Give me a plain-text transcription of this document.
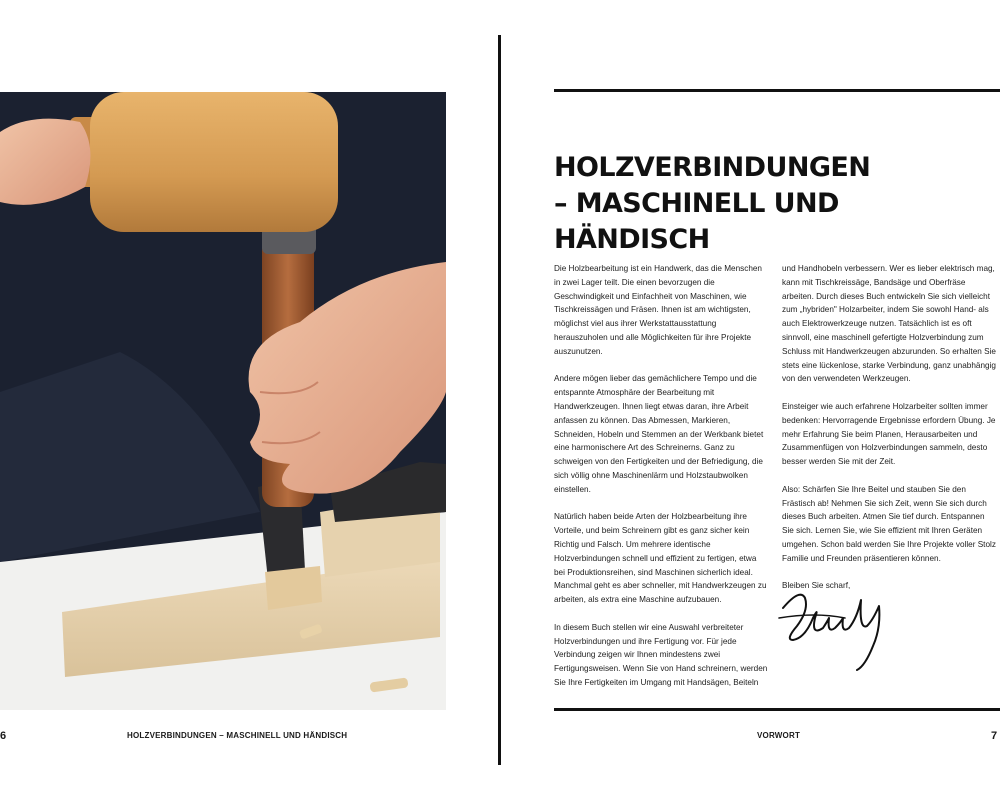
6	HOLZVERBINDUNGEN – MASCHINELL UND HÄNDISCH
HOLZVERBINDUNGEN
– MASCHINELL UND
HÄNDISCH

Die Holzbearbeitung ist ein Handwerk, das die Menschen in zwei Lager teilt. Die einen bevorzugen die Geschwindigkeit und Einfachheit von Maschinen, wie Tischkreissägen und Fräsen. Ihnen ist am wichtigsten, möglichst viel aus ihrer Werkstattausstattung herauszuholen und alle Möglichkeiten für ihre Projekte auszunutzen.

Andere mögen lieber das gemächlichere Tempo und die entspannte Atmosphäre der Bearbeitung mit Handwerkzeugen. Ihnen liegt etwas daran, ihre Arbeit anfassen zu können. Das Abmessen, Markieren, Schneiden, Hobeln und Stemmen an der Werkbank bietet eine harmonischere Art des Schreinerns. Ganz zu schweigen von den Fertigkeiten und der Befriedigung, die sich völlig ohne Maschinenlärm und Holzstaubwolken einstellen.

Natürlich haben beide Arten der Holzbearbeitung ihre Vorteile, und beim Schreinern gibt es ganz sicher kein Richtig und Falsch. Um mehrere identische Holzverbindungen schnell und effizient zu fertigen, etwa bei Produktionsreihen, sind Maschinen sicherlich ideal. Manchmal geht es aber schneller, mit Handwerkzeugen zu arbeiten, als extra eine Maschine aufzubauen.

In diesem Buch stellen wir eine Auswahl verbreiteter Holzverbindungen und ihre Fertigung vor. Für jede Verbindung zeigen wir Ihnen mindestens zwei Fertigungsweisen. Wenn Sie von Hand schreinern, werden Sie Ihre Fertigkeiten im Umgang mit Handsägen, Beiteln

und Handhobeln verbessern. Wer es lieber elektrisch mag, kann mit Tischkreissäge, Bandsäge und Oberfräse arbeiten. Durch dieses Buch entwickeln Sie sich vielleicht zum „hybriden" Holzarbeiter, indem Sie sowohl Hand- als auch Elektrowerkzeuge nutzen. Tatsächlich ist es oft sinnvoll, eine maschinell gefertigte Holzverbindung zum Schluss mit Handwerkzeugen abzurunden. So erhalten Sie stets eine lückenlose, starke Verbindung, ganz unabhängig von den verwendeten Werkzeugen.

Einsteiger wie auch erfahrene Holzarbeiter sollten immer bedenken: Hervorragende Ergebnisse erfordern Übung. Je mehr Erfahrung Sie beim Planen, Herausarbeiten und Zusammenfügen von Holzverbindungen sammeln, desto besser werden Sie mit der Zeit.

Also: Schärfen Sie Ihre Beitel und stauben Sie den Frästisch ab! Nehmen Sie sich Zeit, wenn Sie sich durch dieses Buch arbeiten. Atmen Sie tief durch. Entspannen Sie sich. Lernen Sie, wie Sie effizient mit Ihren Geräten umgehen. Schon bald werden Sie Ihre Projekte voller Stolz Familie und Freunden präsentieren können.

Bleiben Sie scharf,

VORWORT	7
